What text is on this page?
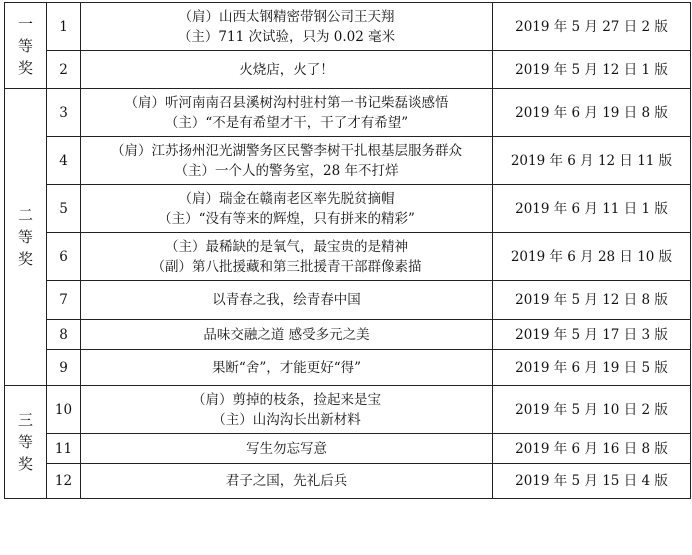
一等奖	1	（肩）山西太钢精密带钢公司王天翔
（主）711 次试验，只为 0.02 毫米	2019 年 5 月 27 日 2 版
	2	火烧店，火了！	2019 年 5 月 12 日 1 版
二等奖	3	（肩）听河南南召县溪树沟村驻村第一书记柴磊谈感悟
（主）“不是有希望才干，干了才有希望”	2019 年 6 月 19 日 8 版
	4	（肩）江苏扬州氾光湖警务区民警李树干扎根基层服务群众
（主）一个人的警务室，28 年不打烊	2019 年 6 月 12 日 11 版
	5	（肩）瑞金在赣南老区率先脱贫摘帽
（主）“没有等来的辉煌，只有拼来的精彩”	2019 年 6 月 11 日 1 版
	6	（主）最稀缺的是氧气，最宝贵的是精神
（副）第八批援藏和第三批援青干部群像素描	2019 年 6 月 28 日 10 版
	7	以青春之我，绘青春中国	2019 年 5 月 12 日 8 版
	8	品味交融之道 感受多元之美	2019 年 5 月 17 日 3 版
	9	果断“舍”，才能更好“得”	2019 年 6 月 19 日 5 版
三等奖	10	（肩）剪掉的枝条，捡起来是宝
（主）山沟沟长出新材料	2019 年 5 月 10 日 2 版
	11	写生勿忘写意	2019 年 6 月 16 日 8 版
	12	君子之国，先礼后兵	2019 年 5 月 15 日 4 版
